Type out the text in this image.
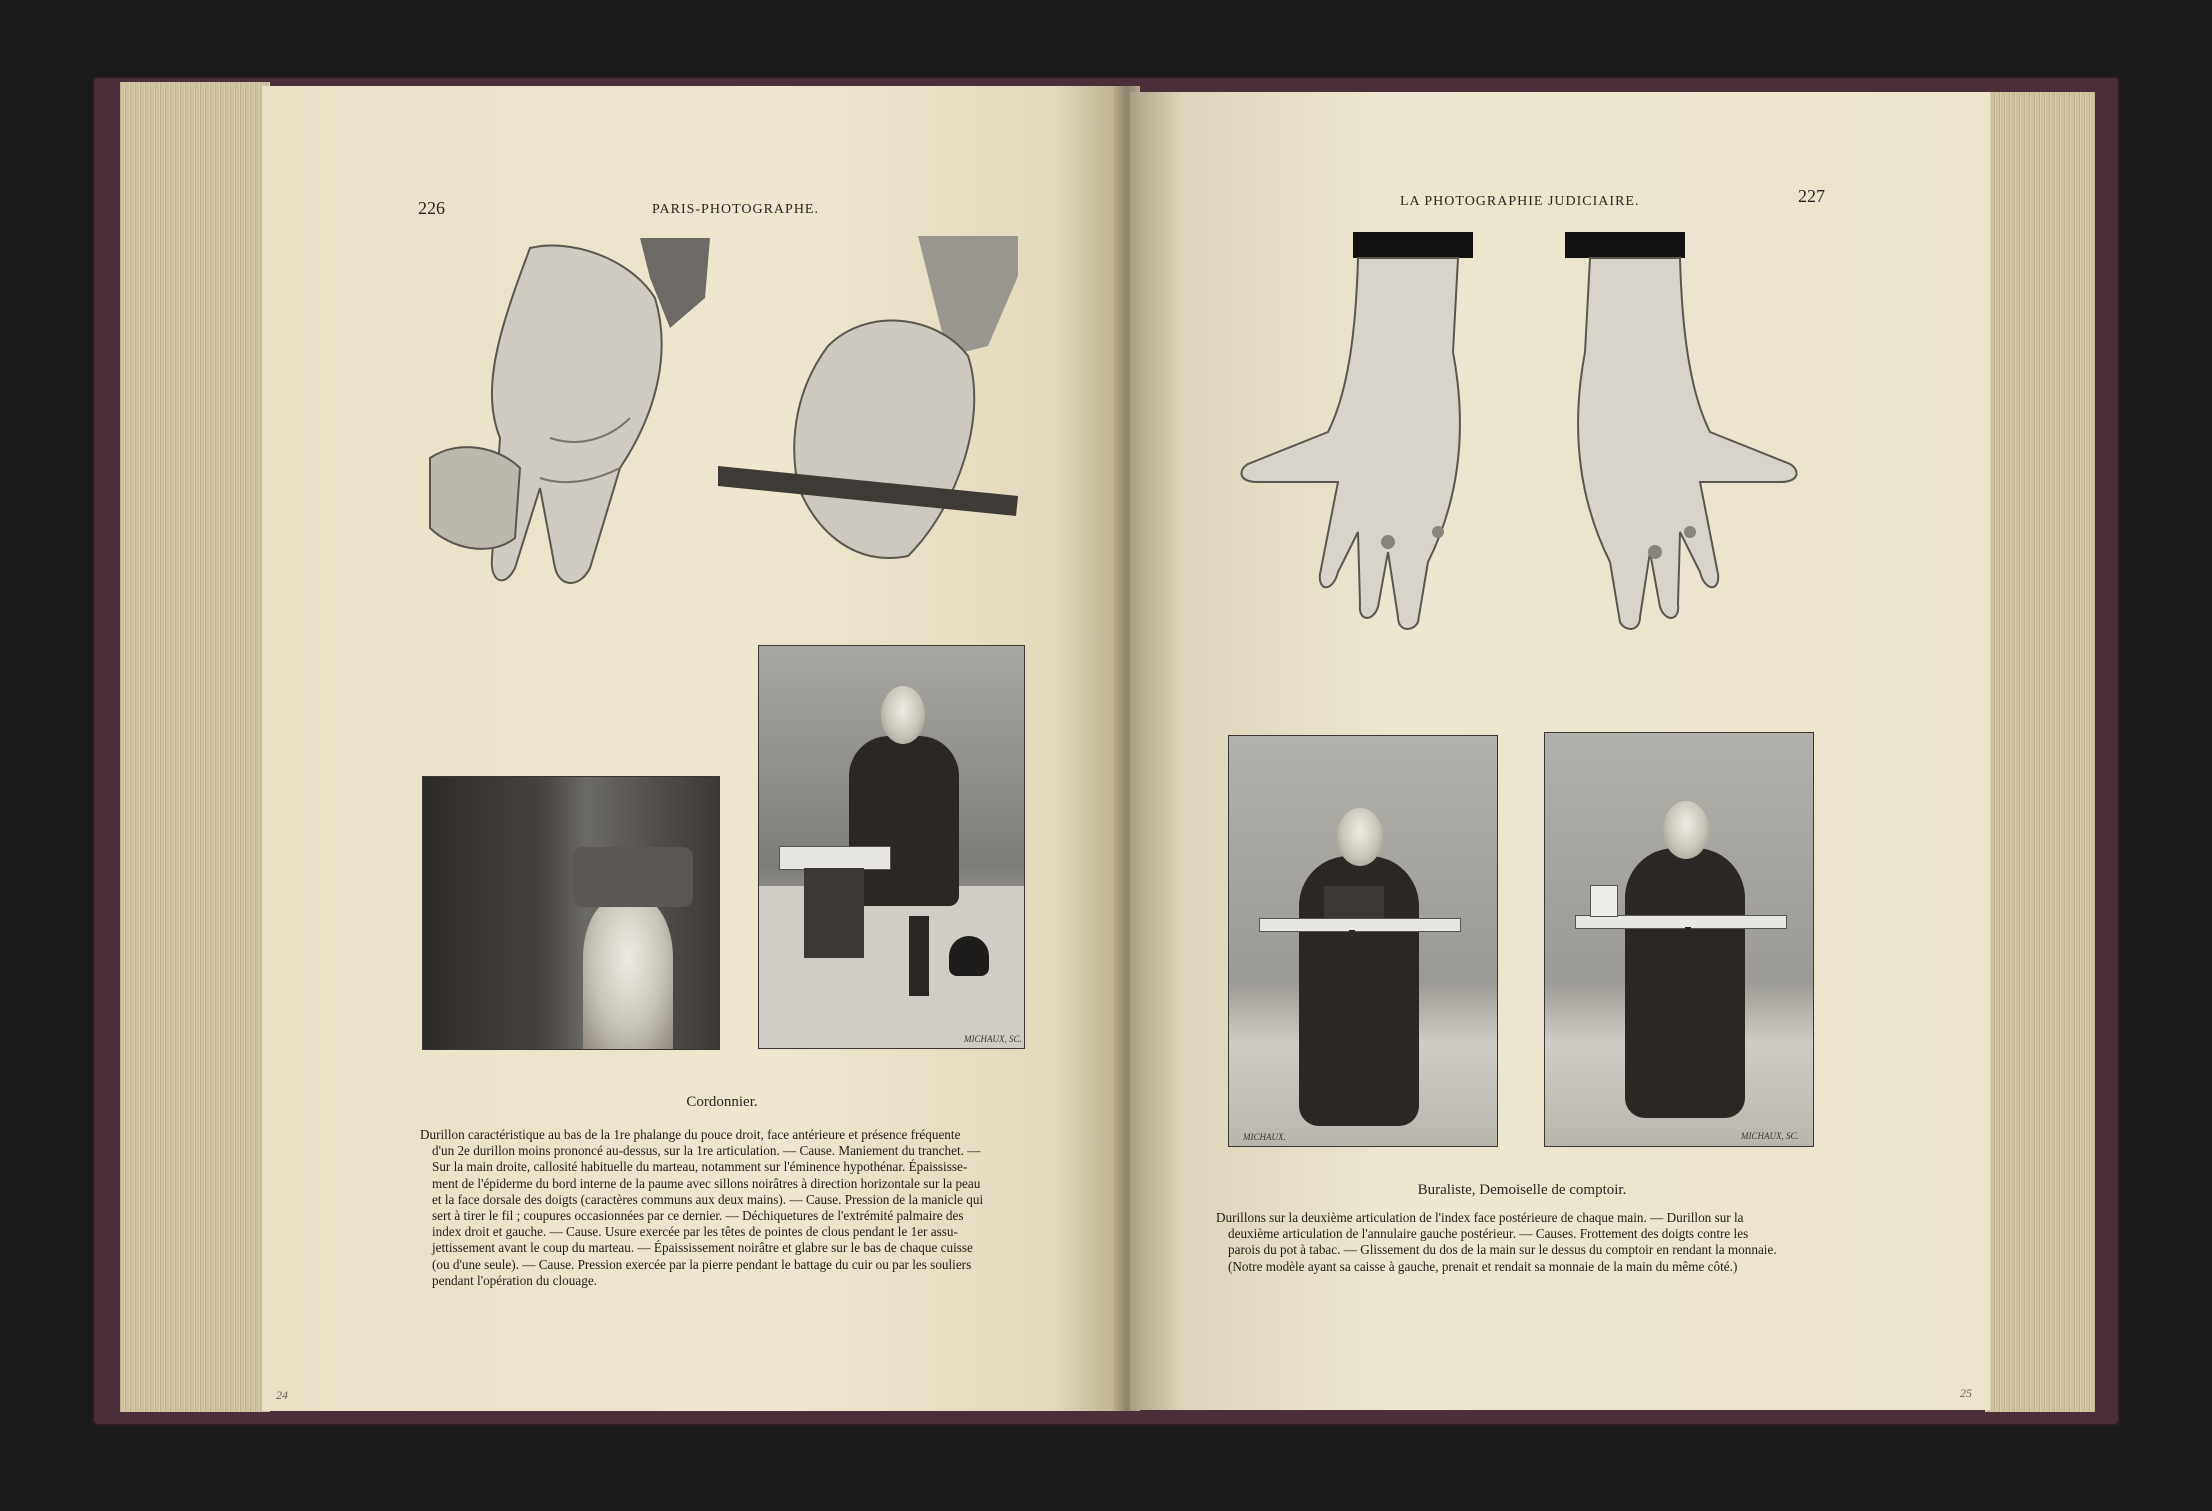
226	PARIS-PHOTOGRAPHE.
MICHAUX, SC.
Cordonnier.
Durillon caractéristique au bas de la 1re phalange du pouce droit, face antérieure et présence fréquente
d'un 2e durillon moins prononcé au-dessus, sur la 1re articulation. — Cause. Maniement du tranchet. —
Sur la main droite, callosité habituelle du marteau, notamment sur l'éminence hypothénar. Épaississe-
ment de l'épiderme du bord interne de la paume avec sillons noirâtres à direction horizontale sur la peau
et la face dorsale des doigts (caractères communs aux deux mains). — Cause. Pression de la manicle qui
sert à tirer le fil ; coupures occasionnées par ce dernier. — Déchiquetures de l'extrémité palmaire des
index droit et gauche. — Cause. Usure exercée par les têtes de pointes de clous pendant le 1er assu-
jettissement avant le coup du marteau. — Épaississement noirâtre et glabre sur le bas de chaque cuisse
(ou d'une seule). — Cause. Pression exercée par la pierre pendant le battage du cuir ou par les souliers
pendant l'opération du clouage.
24
LA PHOTOGRAPHIE JUDICIAIRE.	227
MICHAUX.	MICHAUX, SC.
Buraliste, Demoiselle de comptoir.
Durillons sur la deuxième articulation de l'index face postérieure de chaque main. — Durillon sur la
deuxième articulation de l'annulaire gauche postérieur. — Causes. Frottement des doigts contre les
parois du pot à tabac. — Glissement du dos de la main sur le dessus du comptoir en rendant la monnaie.
(Notre modèle ayant sa caisse à gauche, prenait et rendait sa monnaie de la main du même côté.)
25
